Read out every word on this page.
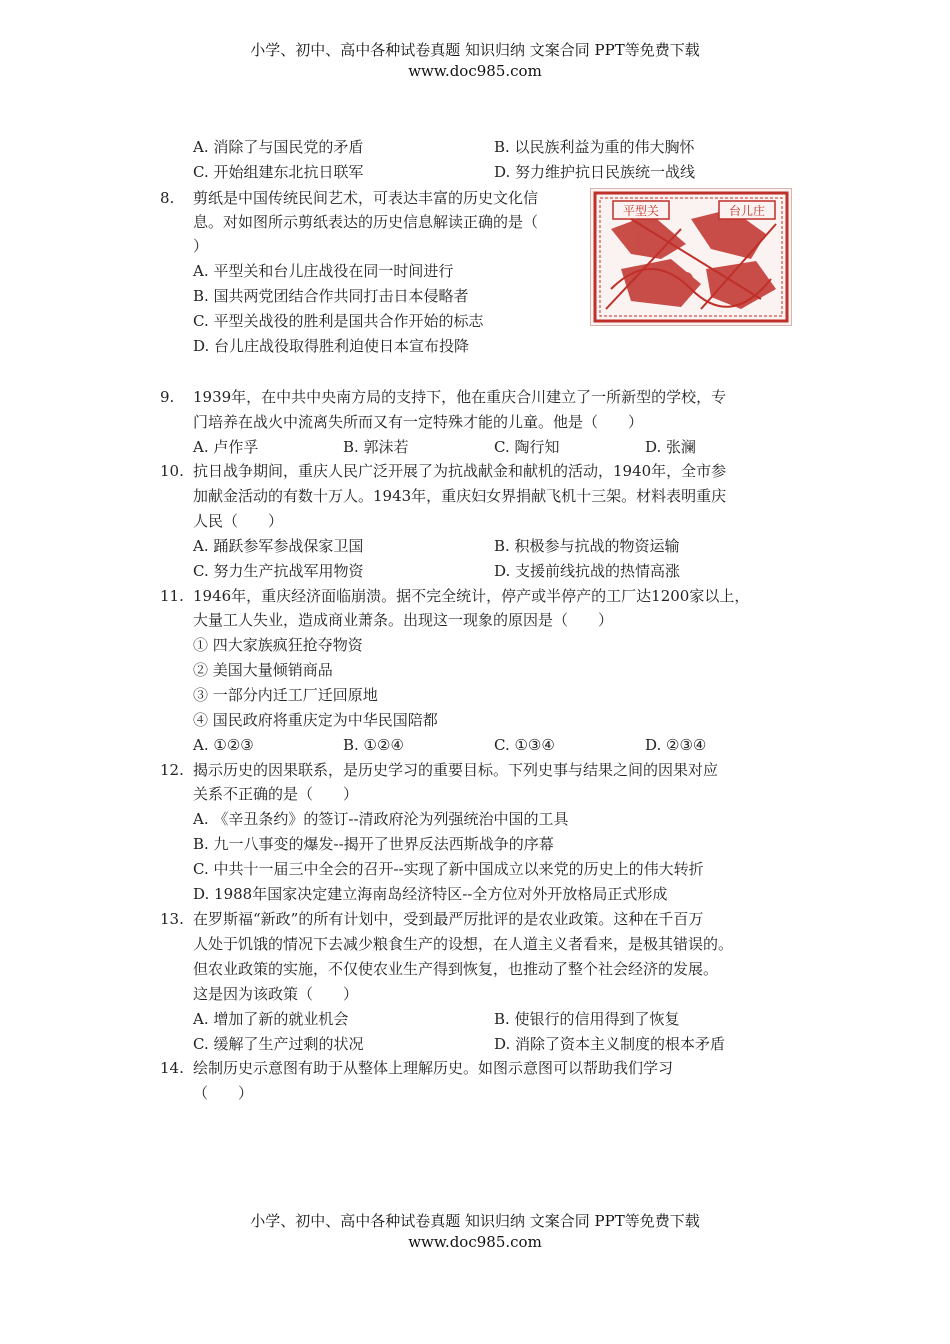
小学、初中、高中各种试卷真题 知识归纳 文案合同 PPT等免费下载
www.doc985.com
A. 消除了与国民党的矛盾	B. 以民族利益为重的伟大胸怀
C. 开始组建东北抗日联军	D. 努力维护抗日民族统一战线
8. 剪纸是中国传统民间艺术，可表达丰富的历史文化信
息。对如图所示剪纸表达的历史信息解读正确的是（
）
A. 平型关和台儿庄战役在同一时间进行
B. 国共两党团结合作共同打击日本侵略者
C. 平型关战役的胜利是国共合作开始的标志
D. 台儿庄战役取得胜利迫使日本宣布投降
平型关	台儿庄
9. 1939年，在中共中央南方局的支持下，他在重庆合川建立了一所新型的学校，专
门培养在战火中流离失所而又有一定特殊才能的儿童。他是（　　）
A. 卢作孚	B. 郭沫若	C. 陶行知	D. 张澜
10. 抗日战争期间，重庆人民广泛开展了为抗战献金和献机的活动，1940年，全市参
加献金活动的有数十万人。1943年，重庆妇女界捐献飞机十三架。材料表明重庆
人民（　　）
A. 踊跃参军参战保家卫国	B. 积极参与抗战的物资运输
C. 努力生产抗战军用物资	D. 支援前线抗战的热情高涨
11. 1946年，重庆经济面临崩溃。据不完全统计，停产或半停产的工厂达1200家以上，
大量工人失业，造成商业萧条。出现这一现象的原因是（　　）
① 四大家族疯狂抢夺物资
② 美国大量倾销商品
③ 一部分内迁工厂迁回原地
④ 国民政府将重庆定为中华民国陪都
A. ①②③	B. ①②④	C. ①③④	D. ②③④
12. 揭示历史的因果联系，是历史学习的重要目标。下列史事与结果之间的因果对应
关系不正确的是（　　）
A. 《辛丑条约》的签订--清政府沦为列强统治中国的工具
B. 九一八事变的爆发--揭开了世界反法西斯战争的序幕
C. 中共十一届三中全会的召开--实现了新中国成立以来党的历史上的伟大转折
D. 1988年国家决定建立海南岛经济特区--全方位对外开放格局正式形成
13. 在罗斯福“新政”的所有计划中，受到最严厉批评的是农业政策。这种在千百万
人处于饥饿的情况下去减少粮食生产的设想，在人道主义者看来，是极其错误的。
但农业政策的实施，不仅使农业生产得到恢复，也推动了整个社会经济的发展。
这是因为该政策（　　）
A. 增加了新的就业机会	B. 使银行的信用得到了恢复
C. 缓解了生产过剩的状况	D. 消除了资本主义制度的根本矛盾
14. 绘制历史示意图有助于从整体上理解历史。如图示意图可以帮助我们学习
（　　）
小学、初中、高中各种试卷真题 知识归纳 文案合同 PPT等免费下载
www.doc985.com
